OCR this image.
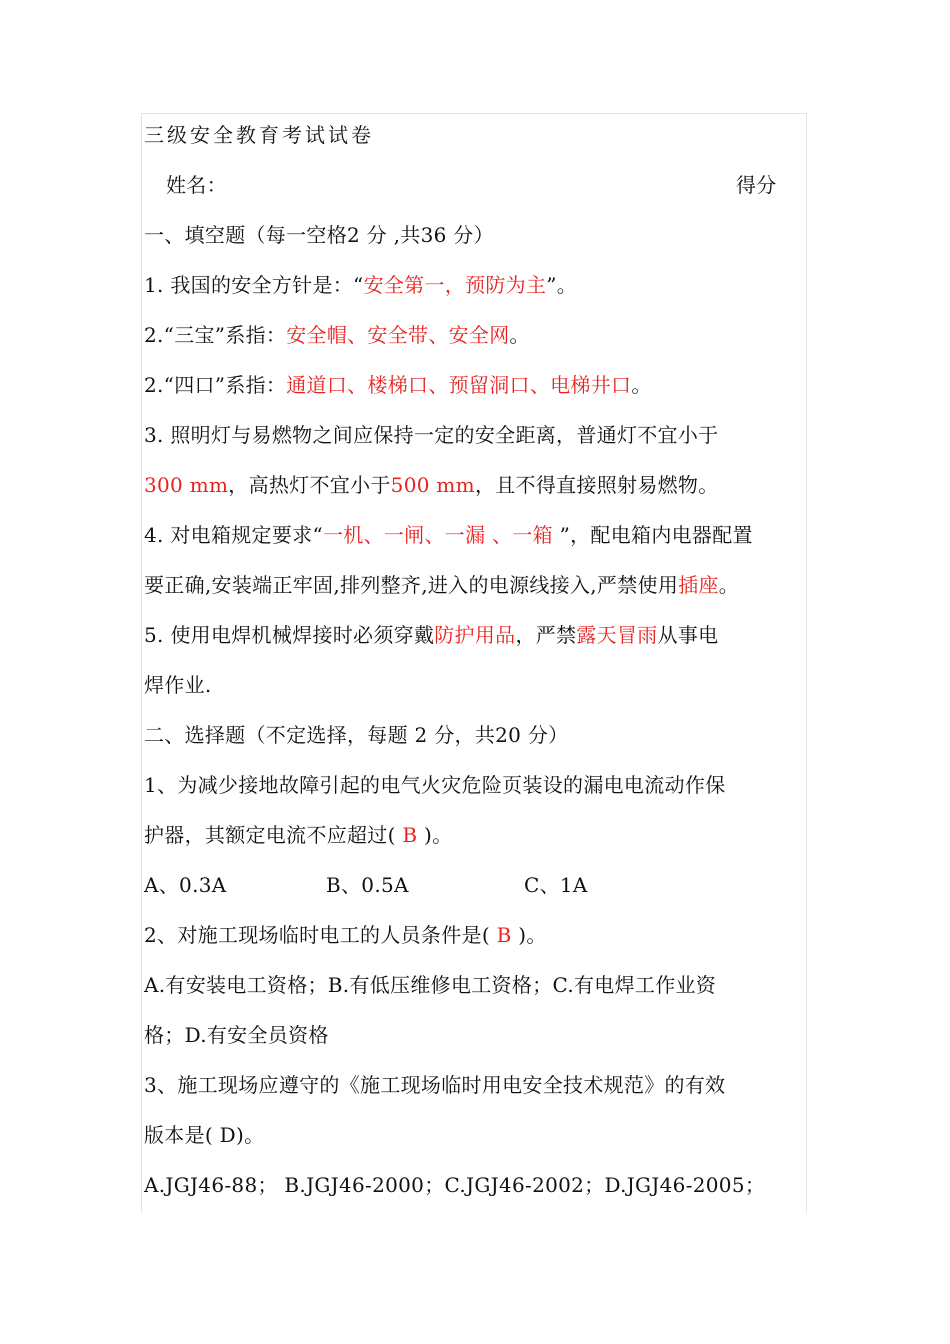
三级安全教育考试试卷
姓名：	得分
一、填空题（每一空格2 分 ,共36 分）
1. 我国的安全方针是：“安全第一，预防为主”。
2.“三宝”系指：安全帽、安全带、安全网。
2.“四口”系指：通道口、楼梯口、预留洞口、电梯井口。
3. 照明灯与易燃物之间应保持一定的安全距离，普通灯不宜小于
300 mm，高热灯不宜小于500 mm，且不得直接照射易燃物。
4. 对电箱规定要求“一机、一闸、一漏 、一箱 ”，配电箱内电器配置
要正确,安装端正牢固,排列整齐,进入的电源线接入,严禁使用插座。
5. 使用电焊机械焊接时必须穿戴防护用品，严禁露天冒雨从事电
焊作业.
二、选择题（不定选择，每题 2 分，共20 分）
1、为减少接地故障引起的电气火灾危险页装设的漏电电流动作保
护器，其额定电流不应超过( B )。
A、0.3A	B、0.5A	C、1A
2、对施工现场临时电工的人员条件是( B )。
A.有安装电工资格；B.有低压维修电工资格；C.有电焊工作业资
格；D.有安全员资格
3、施工现场应遵守的《施工现场临时用电安全技术规范》的有效
版本是( D)。
A.JGJ46-88； B.JGJ46-2000；C.JGJ46-2002；D.JGJ46-2005；
